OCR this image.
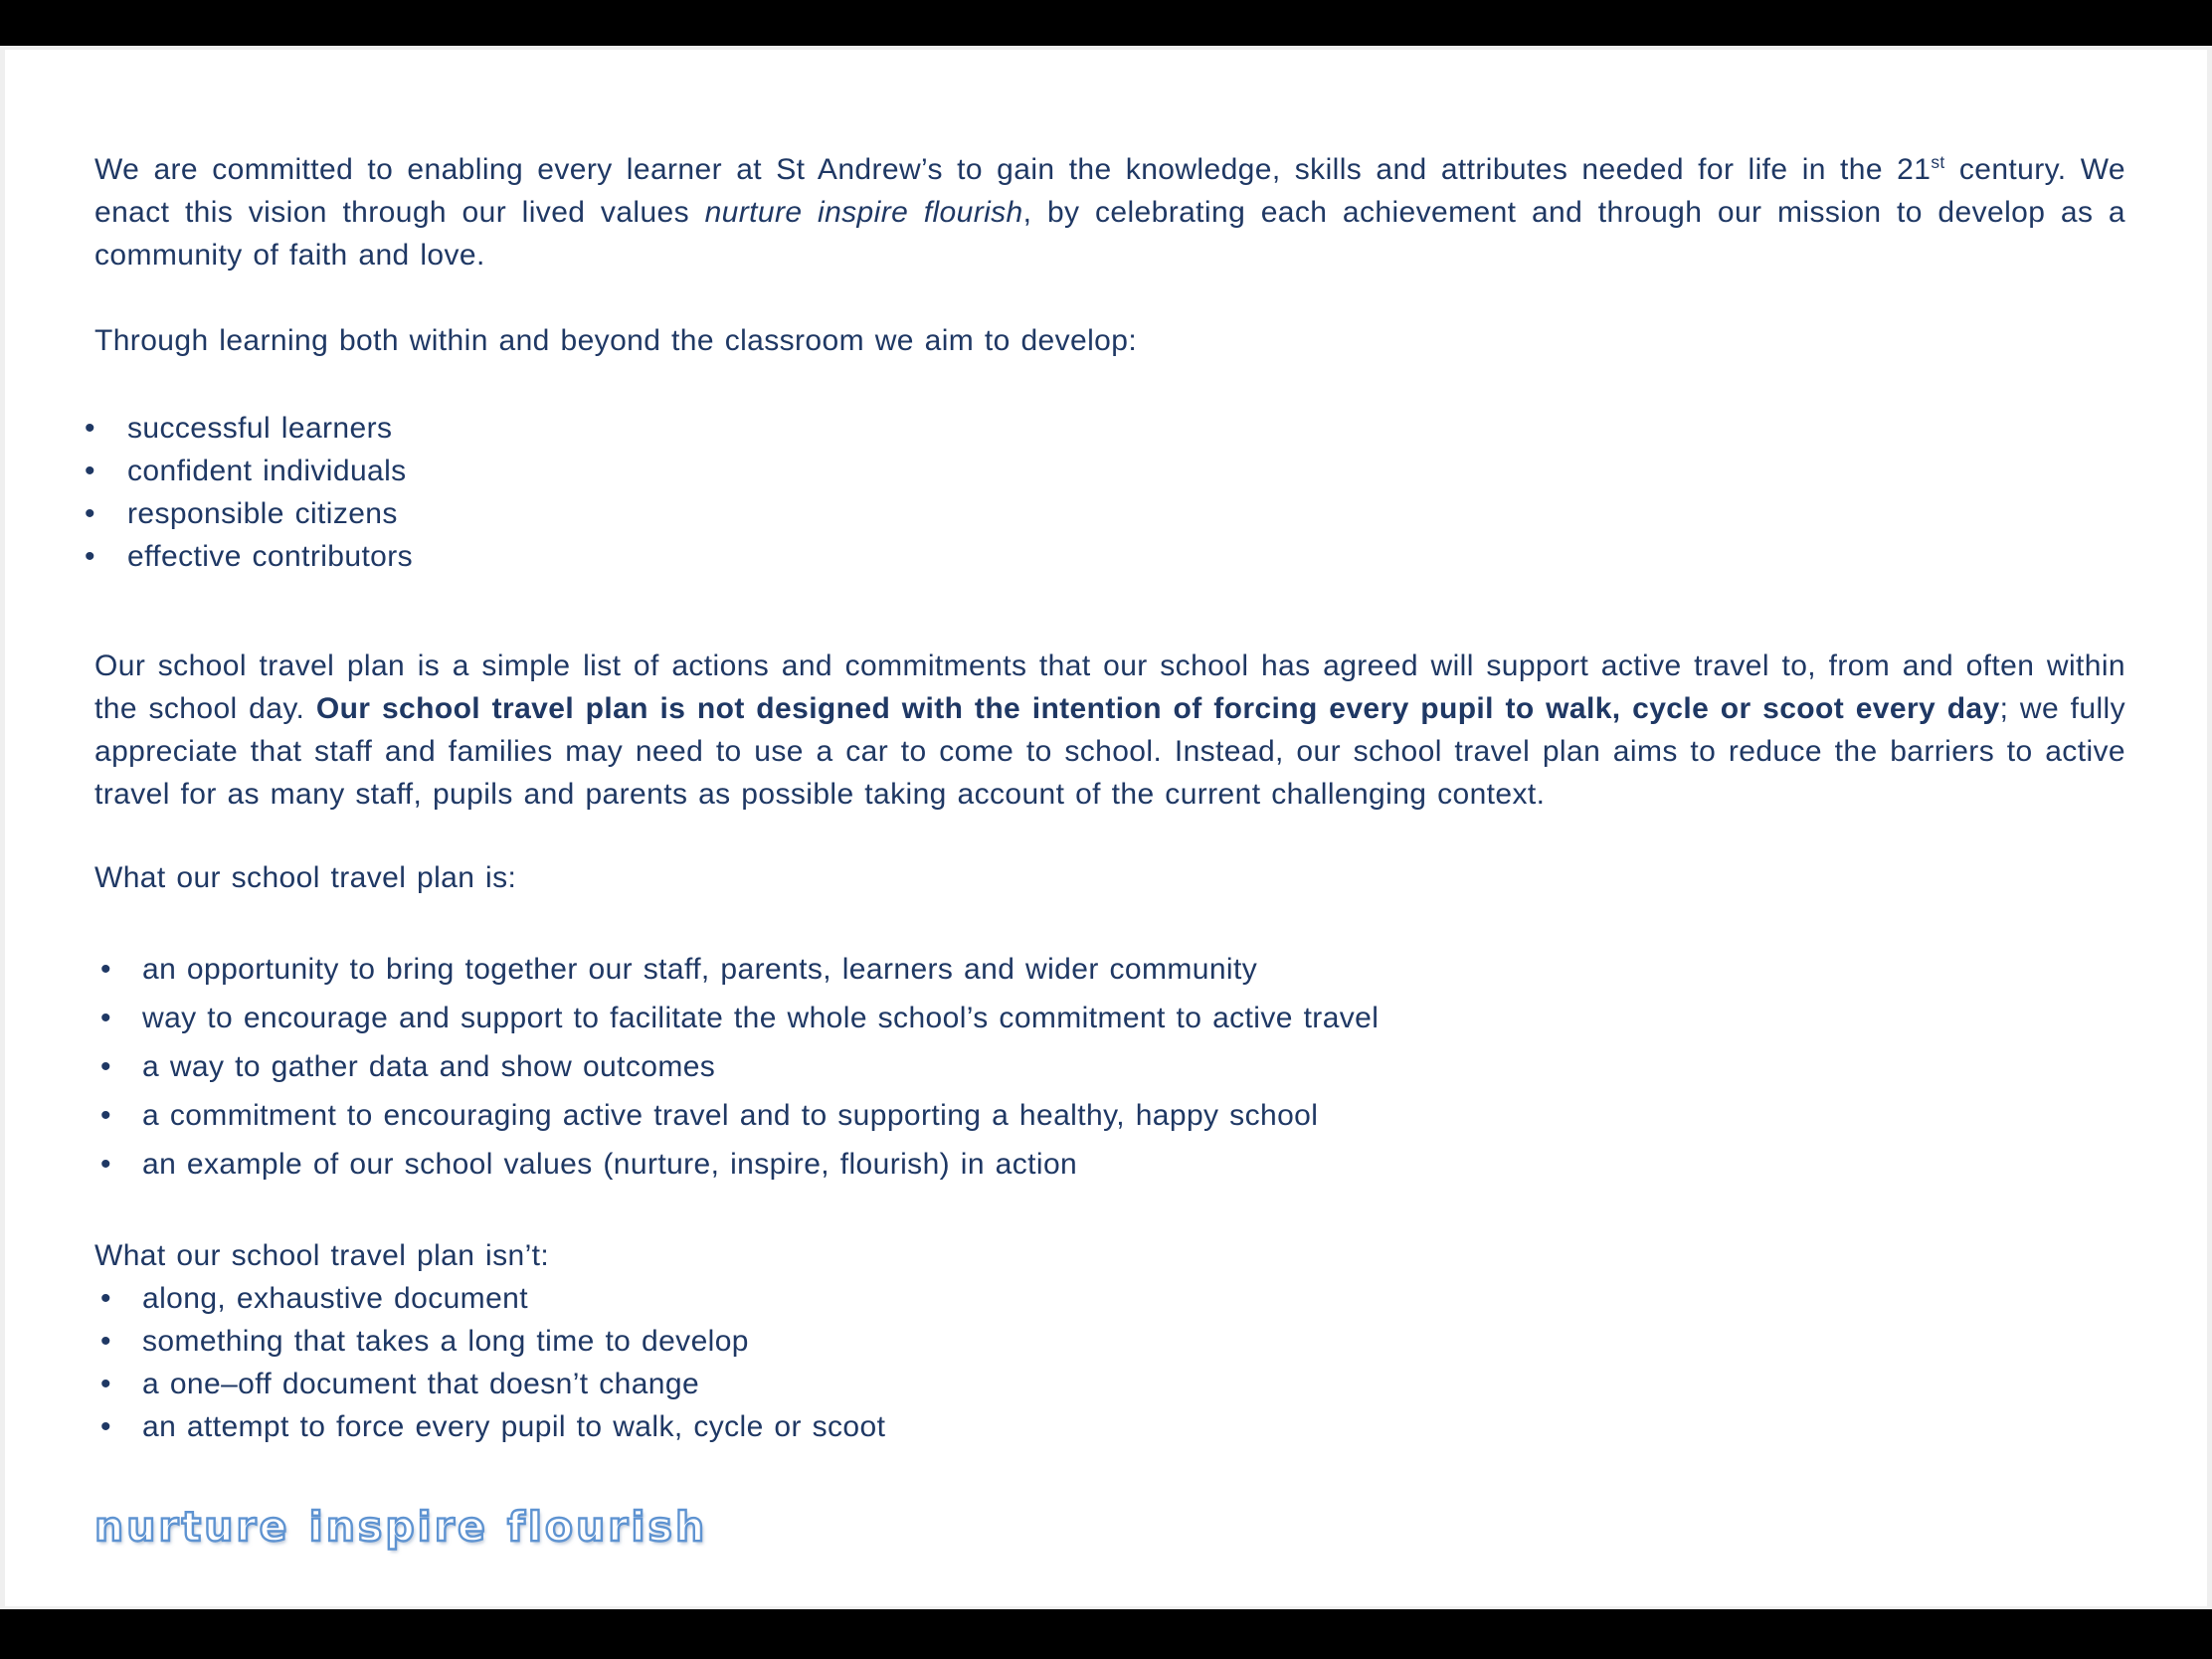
We are committed to enabling every learner at St Andrew’s to gain the knowledge, skills and attributes needed for life in the 21st century. We enact this vision through our lived values nurture inspire flourish, by celebrating each achievement and through our mission to develop as a community of faith and love.

Through learning both within and beyond the classroom we aim to develop:

• successful learners
• confident individuals
• responsible citizens
• effective contributors

Our school travel plan is a simple list of actions and commitments that our school has agreed will support active travel to, from and often within the school day. Our school travel plan is not designed with the intention of forcing every pupil to walk, cycle or scoot every day; we fully appreciate that staff and families may need to use a car to come to school. Instead, our school travel plan aims to reduce the barriers to active travel for as many staff, pupils and parents as possible taking account of the current challenging context.

What our school travel plan is:

• an opportunity to bring together our staff, parents, learners and wider community
• way to encourage and support to facilitate the whole school’s commitment to active travel
• a way to gather data and show outcomes
• a commitment to encouraging active travel and to supporting a healthy, happy school
• an example of our school values (nurture, inspire, flourish) in action

What our school travel plan isn’t:

• along, exhaustive document
• something that takes a long time to develop
• a one–off document that doesn’t change
• an attempt to force every pupil to walk, cycle or scoot
nurture inspire flourish
